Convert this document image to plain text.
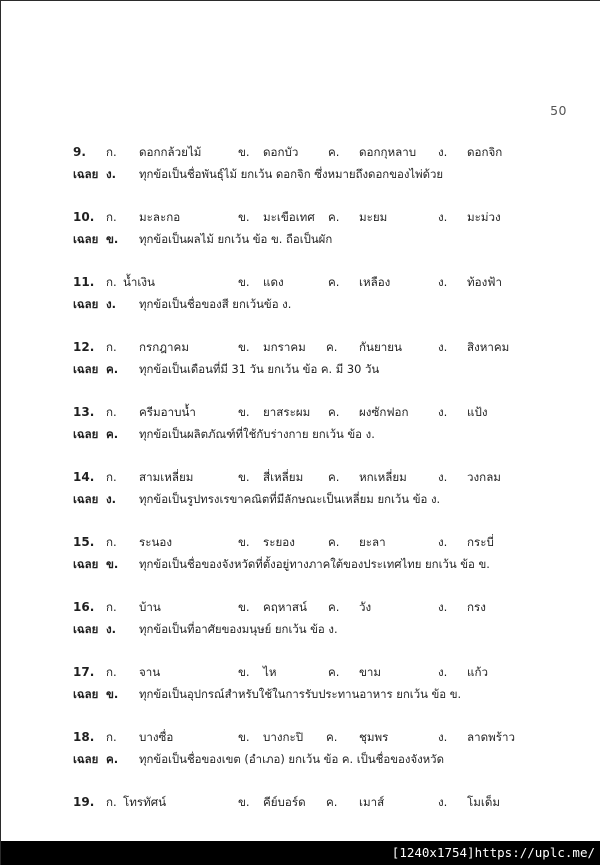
50
9. ก. ดอกกล้วยไม้	ข. ดอกบัว	ค. ดอกกุหลาบ ง. ดอกจิก
เฉลย ง. ทุกข้อเป็นชื่อพันธุ์ไม้ ยกเว้น ดอกจิก ซึ่งหมายถึงดอกของไพ่ด้วย
10. ก. มะละกอ	ข. มะเขือเทศ ค. มะยม	ง. มะม่วง
เฉลย ข. ทุกข้อเป็นผลไม้ ยกเว้น ข้อ ข. ถือเป็นผัก
11. ก. น้ำเงิน	ข. แดง	ค. เหลือง	ง. ท้องฟ้า
เฉลย ง. ทุกข้อเป็นชื่อของสี ยกเว้นข้อ ง.
12. ก. กรกฎาคม	ข. มกราคม ค. กันยายน	ง. สิงหาคม
เฉลย ค. ทุกข้อเป็นเดือนที่มี 31 วัน ยกเว้น ข้อ ค. มี 30 วัน
13. ก. ครีมอาบน้ำ	ข. ยาสระผม ค. ผงซักฟอก	ง. แป้ง
เฉลย ค. ทุกข้อเป็นผลิตภัณฑ์ที่ใช้กับร่างกาย ยกเว้น ข้อ ง.
14. ก. สามเหลี่ยม	ข. สี่เหลี่ยม ค. หกเหลี่ยม	ง. วงกลม
เฉลย ง. ทุกข้อเป็นรูปทรงเรขาคณิตที่มีลักษณะเป็นเหลี่ยม ยกเว้น ข้อ ง.
15. ก. ระนอง	ข. ระยอง	ค. ยะลา	ง. กระบี่
เฉลย ข. ทุกข้อเป็นชื่อของจังหวัดที่ตั้งอยู่ทางภาคใต้ของประเทศไทย ยกเว้น ข้อ ข.
16. ก. บ้าน	ข. คฤหาสน์ ค. วัง	ง. กรง
เฉลย ง. ทุกข้อเป็นที่อาศัยของมนุษย์ ยกเว้น ข้อ ง.
17. ก. จาน	ข. ไห	ค. ขาม	ง. แก้ว
เฉลย ข. ทุกข้อเป็นอุปกรณ์สำหรับใช้ในการรับประทานอาหาร ยกเว้น ข้อ ข.
18. ก. บางซื่อ	ข. บางกะปิ ค. ชุมพร	ง. ลาดพร้าว
เฉลย ค. ทุกข้อเป็นชื่อของเขต (อำเภอ) ยกเว้น ข้อ ค. เป็นชื่อของจังหวัด
19. ก. โทรทัศน์	ข. คีย์บอร์ด ค. เมาส์	ง. โมเด็ม
[1240x1754]https://uplc.me/
